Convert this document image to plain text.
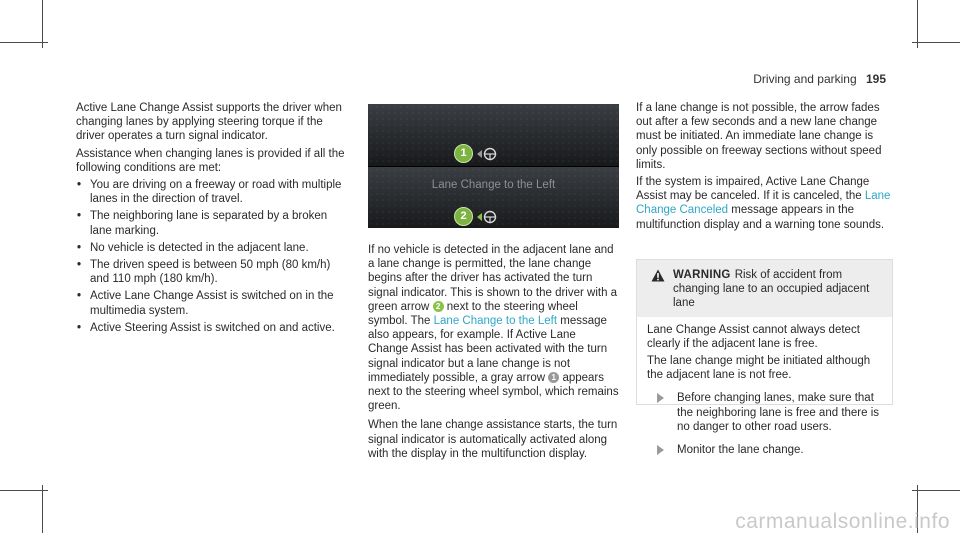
Driving and parking 195

Active Lane Change Assist supports the driver when changing lanes by applying steering torque if the driver operates a turn signal indicator.

Assistance when changing lanes is provided if all the following conditions are met:

• You are driving on a freeway or road with multiple lanes in the direction of travel.
• The neighboring lane is separated by a broken lane marking.
• No vehicle is detected in the adjacent lane.
• The driven speed is between 50 mph (80 km/h) and 110 mph (180 km/h).
• Active Lane Change Assist is switched on in the multimedia system.
• Active Steering Assist is switched on and active.
1
Lane Change to the Left
2

If no vehicle is detected in the adjacent lane and a lane change is permitted, the lane change begins after the driver has activated the turn signal indicator. This is shown to the driver with a green arrow 2 next to the steering wheel symbol. The Lane Change to the Left message also appears, for example. If Active Lane Change Assist has been activated with the turn signal indicator but a lane change is not immediately possible, a gray arrow 1 appears next to the steering wheel symbol, which remains green.

When the lane change assistance starts, the turn signal indicator is automatically activated along with the display in the multifunction display.

If a lane change is not possible, the arrow fades out after a few seconds and a new lane change must be initiated. An immediate lane change is only possible on freeway sections without speed limits.

If the system is impaired, Active Lane Change Assist may be canceled. If it is canceled, the Lane Change Canceled message appears in the multifunction display and a warning tone sounds.

WARNING Risk of accident from changing lane to an occupied adjacent lane

Lane Change Assist cannot always detect clearly if the adjacent lane is free.

The lane change might be initiated although the adjacent lane is not free.

Before changing lanes, make sure that the neighboring lane is free and there is no danger to other road users.
Monitor the lane change.
carmanualsonline.info
